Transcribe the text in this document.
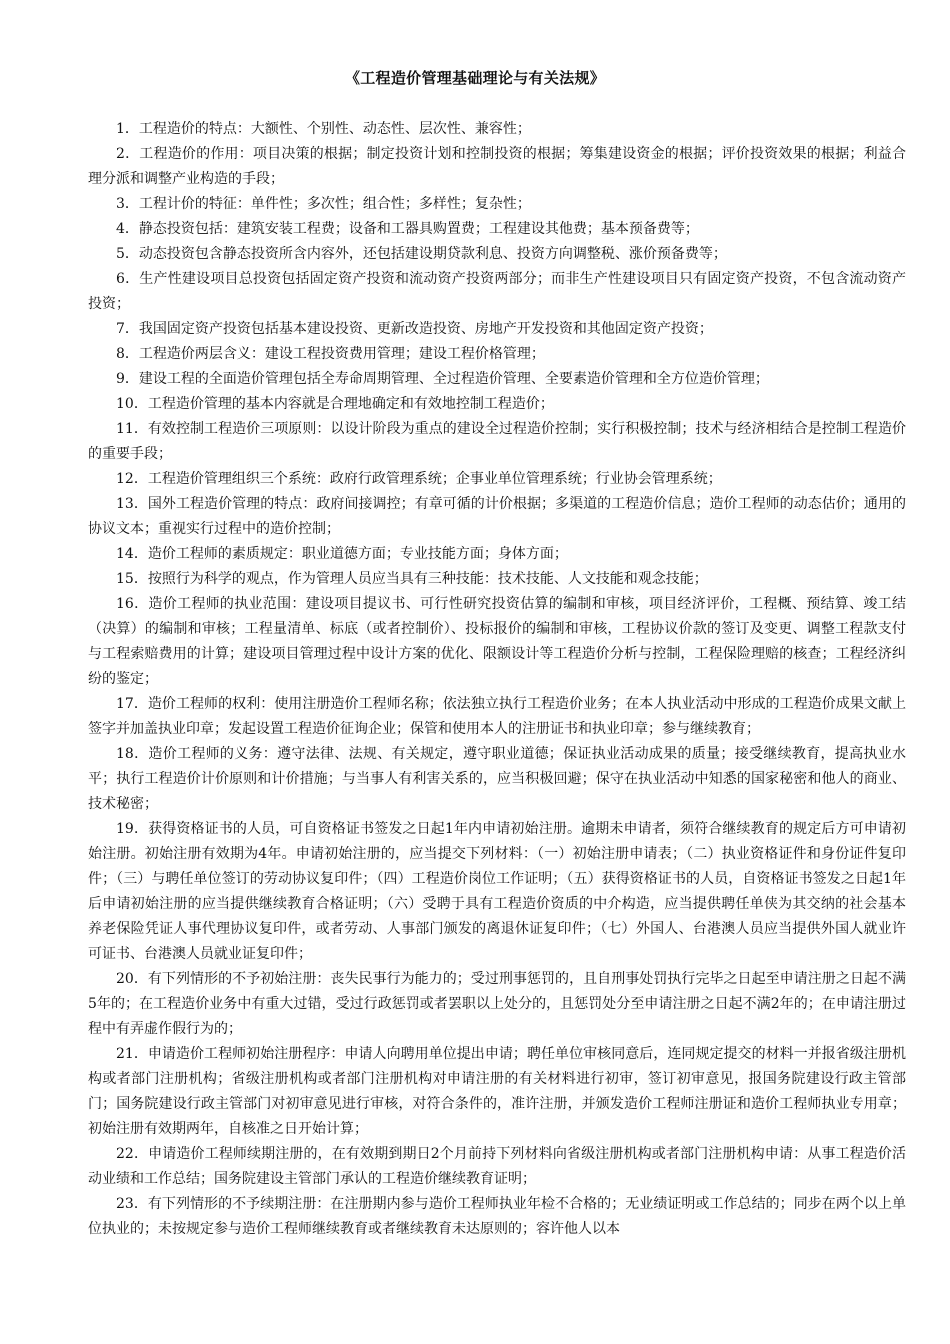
《工程造价管理基础理论与有关法规》

1．工程造价的特点：大额性、个别性、动态性、层次性、兼容性；

2．工程造价的作用：项目决策的根据；制定投资计划和控制投资的根据；筹集建设资金的根据；评价投资效果的根据；利益合理分派和调整产业构造的手段；

3．工程计价的特征：单件性；多次性；组合性；多样性；复杂性；

4．静态投资包括：建筑安装工程费；设备和工器具购置费；工程建设其他费；基本预备费等；

5．动态投资包含静态投资所含内容外，还包括建设期贷款利息、投资方向调整税、涨价预备费等；

6．生产性建设项目总投资包括固定资产投资和流动资产投资两部分；而非生产性建设项目只有固定资产投资，不包含流动资产投资；

7．我国固定资产投资包括基本建设投资、更新改造投资、房地产开发投资和其他固定资产投资；

8．工程造价两层含义：建设工程投资费用管理；建设工程价格管理；

9．建设工程的全面造价管理包括全寿命周期管理、全过程造价管理、全要素造价管理和全方位造价管理；

10．工程造价管理的基本内容就是合理地确定和有效地控制工程造价；

11．有效控制工程造价三项原则：以设计阶段为重点的建设全过程造价控制；实行积极控制；技术与经济相结合是控制工程造价的重要手段；

12．工程造价管理组织三个系统：政府行政管理系统；企事业单位管理系统；行业协会管理系统；

13．国外工程造价管理的特点：政府间接调控；有章可循的计价根据；多渠道的工程造价信息；造价工程师的动态估价；通用的协议文本；重视实行过程中的造价控制；

14．造价工程师的素质规定：职业道德方面；专业技能方面；身体方面；

15．按照行为科学的观点，作为管理人员应当具有三种技能：技术技能、人文技能和观念技能；

16．造价工程师的执业范围：建设项目提议书、可行性研究投资估算的编制和审核，项目经济评价，工程概、预结算、竣工结（决算）的编制和审核；工程量清单、标底（或者控制价）、投标报价的编制和审核，工程协议价款的签订及变更、调整工程款支付与工程索赔费用的计算；建设项目管理过程中设计方案的优化、限额设计等工程造价分析与控制，工程保险理赔的核查；工程经济纠纷的鉴定；

17．造价工程师的权利：使用注册造价工程师名称；依法独立执行工程造价业务；在本人执业活动中形成的工程造价成果文献上签字并加盖执业印章；发起设置工程造价征询企业；保管和使用本人的注册证书和执业印章；参与继续教育；

18．造价工程师的义务：遵守法律、法规、有关规定，遵守职业道德；保证执业活动成果的质量；接受继续教育，提高执业水平；执行工程造价计价原则和计价措施；与当事人有利害关系的，应当积极回避；保守在执业活动中知悉的国家秘密和他人的商业、技术秘密；

19．获得资格证书的人员，可自资格证书签发之日起1年内申请初始注册。逾期未申请者，须符合继续教育的规定后方可申请初始注册。初始注册有效期为4年。申请初始注册的，应当提交下列材料：（一）初始注册申请表；（二）执业资格证件和身份证件复印件；（三）与聘任单位签订的劳动协议复印件；（四）工程造价岗位工作证明；（五）获得资格证书的人员，自资格证书签发之日起1年后申请初始注册的应当提供继续教育合格证明；（六）受聘于具有工程造价资质的中介构造，应当提供聘任单侠为其交纳的社会基本养老保险凭证人事代理协议复印件，或者劳动、人事部门颁发的离退休证复印件；（七）外国人、台港澳人员应当提供外国人就业许可证书、台港澳人员就业证复印件；

20．有下列情形的不予初始注册：丧失民事行为能力的；受过刑事惩罚的，且自刑事处罚执行完毕之日起至申请注册之日起不满5年的；在工程造价业务中有重大过错，受过行政惩罚或者罢职以上处分的，且惩罚处分至申请注册之日起不满2年的；在申请注册过程中有弄虚作假行为的；

21．申请造价工程师初始注册程序：申请人向聘用单位提出申请；聘任单位审核同意后，连同规定提交的材料一并报省级注册机构或者部门注册机构；省级注册机构或者部门注册机构对申请注册的有关材料进行初审，签订初审意见，报国务院建设行政主管部门；国务院建设行政主管部门对初审意见进行审核，对符合条件的，准许注册，并颁发造价工程师注册证和造价工程师执业专用章；初始注册有效期两年，自核准之日开始计算；

22．申请造价工程师续期注册的，在有效期到期日2个月前持下列材料向省级注册机构或者部门注册机构申请：从事工程造价活动业绩和工作总结；国务院建设主管部门承认的工程造价继续教育证明；

23．有下列情形的不予续期注册：在注册期内参与造价工程师执业年检不合格的；无业绩证明或工作总结的；同步在两个以上单位执业的；未按规定参与造价工程师继续教育或者继续教育未达原则的；容许他人以本
